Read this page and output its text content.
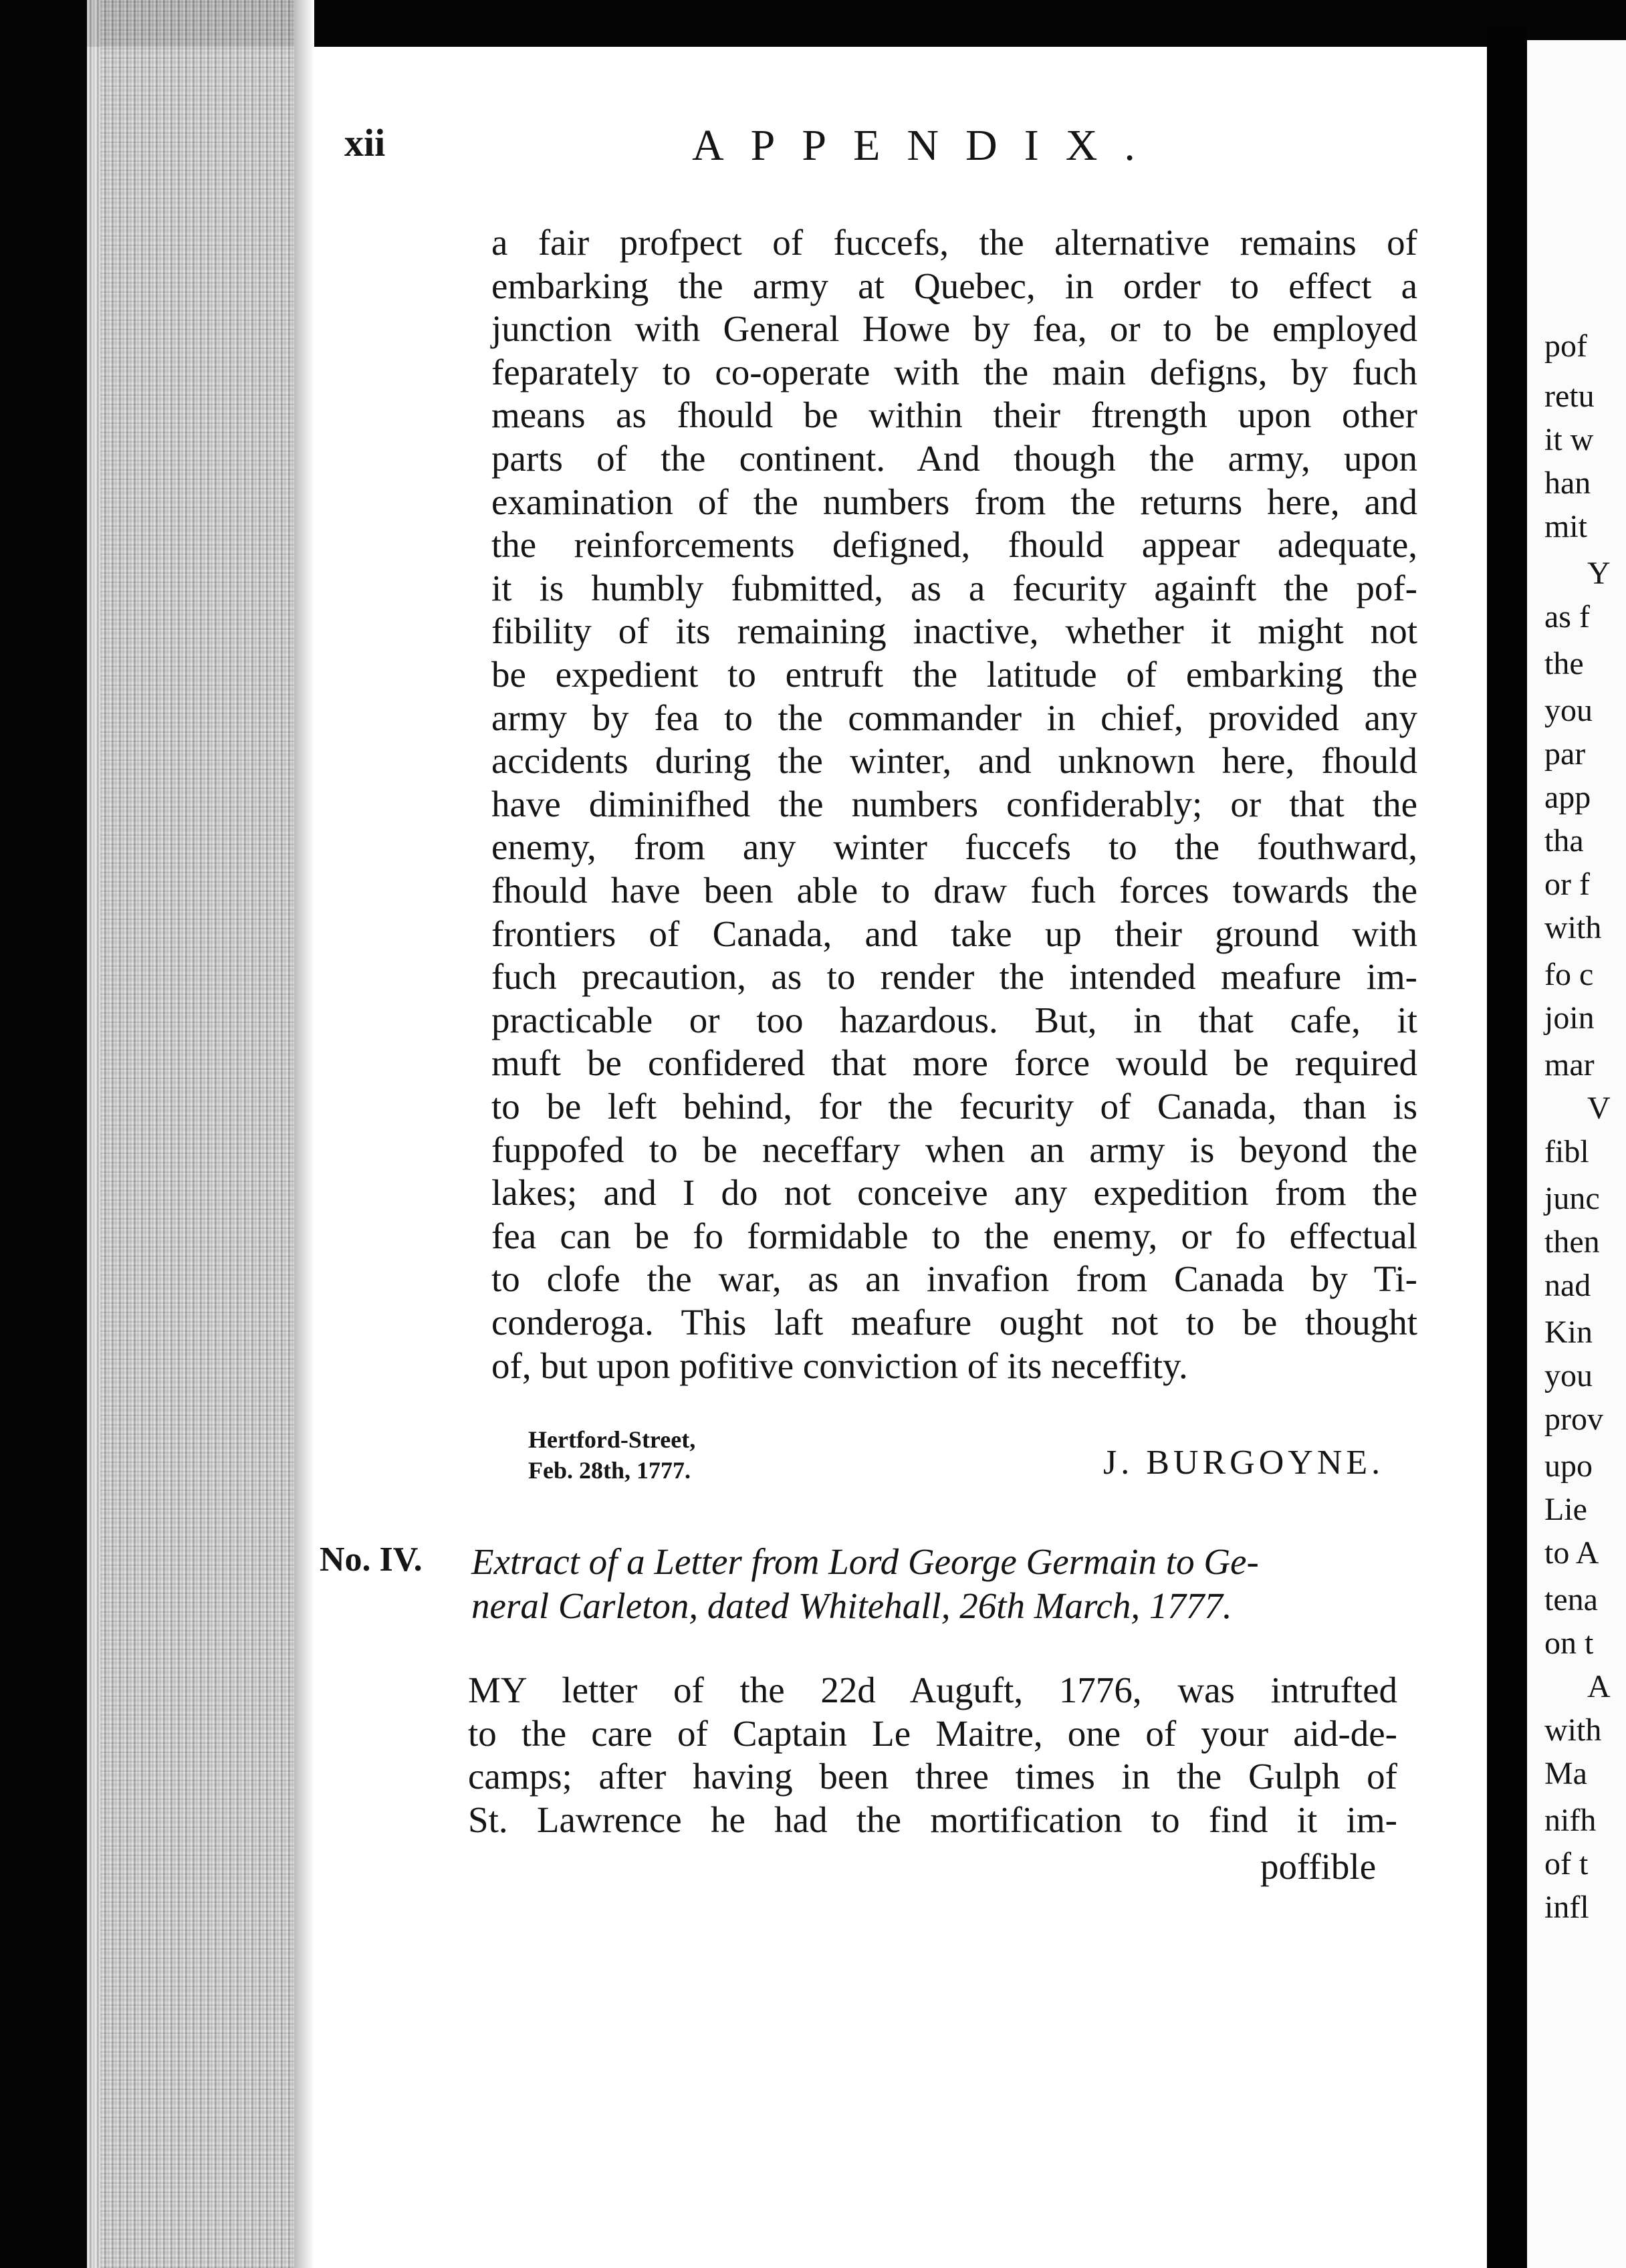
xii	APPENDIX.
a fair profpect of fuccefs, the alternative remains of
embarking the army at Quebec, in order to effect a
junction with General Howe by fea, or to be employed
feparately to co-operate with the main defigns, by fuch
means as fhould be within their ftrength upon other
parts of the continent. And though the army, upon
examination of the numbers from the returns here, and
the reinforcements defigned, fhould appear adequate,
it is humbly fubmitted, as a fecurity againft the pof-
fibility of its remaining inactive, whether it might not
be expedient to entruft the latitude of embarking the
army by fea to the commander in chief, provided any
accidents during the winter, and unknown here, fhould
have diminifhed the numbers confiderably; or that the
enemy, from any winter fuccefs to the fouthward,
fhould have been able to draw fuch forces towards the
frontiers of Canada, and take up their ground with
fuch precaution, as to render the intended meafure im-
practicable or too hazardous. But, in that cafe, it
muft be confidered that more force would be required
to be left behind, for the fecurity of Canada, than is
fuppofed to be neceffary when an army is beyond the
lakes; and I do not conceive any expedition from the
fea can be fo formidable to the enemy, or fo effectual
to clofe the war, as an invafion from Canada by Ti-
conderoga. This laft meafure ought not to be thought
of, but upon pofitive conviction of its neceffity.
Hertford-Street,
Feb. 28th, 1777.	J. BURGOYNE.
No. IV. Extract of a Letter from Lord George Germain to Ge-
neral Carleton, dated Whitehall, 26th March, 1777.
MY letter of the 22d Auguft, 1776, was intrufted
to the care of Captain Le Maitre, one of your aid-de-
camps; after having been three times in the Gulph of
St. Lawrence he had the mortification to find it im-
poffible
pof
retu
it w
han
mit
Y
as f
the
you
par
app
tha
or f
with
fo c
join
mar
V
fibl
junc
then
nad
Kin
you
prov
upo
Lie
to A
tena
on t
A
with
Ma
nifh
of t
infl
